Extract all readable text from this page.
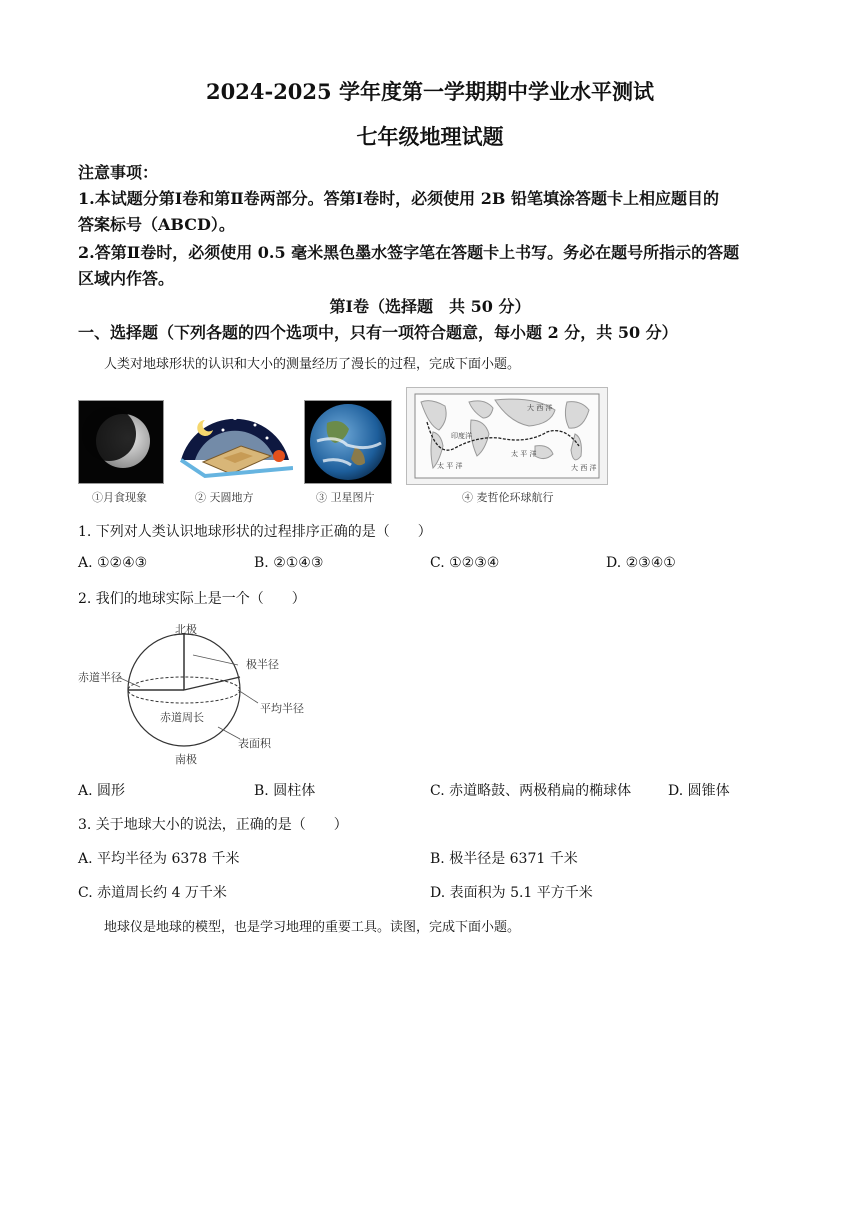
2024-2025 学年度第一学期期中学业水平测试
七年级地理试题
注意事项：
1.本试题分第Ⅰ卷和第Ⅱ卷两部分。答第Ⅰ卷时，必须使用 2B 铅笔填涂答题卡上相应题目的
答案标号（ABCD）。
2.答第Ⅱ卷时，必须使用 0.5 毫米黑色墨水签字笔在答题卡上书写。务必在题号所指示的答题
区域内作答。
第Ⅰ卷（选择题　共 50 分）
一、选择题（下列各题的四个选项中，只有一项符合题意，每小题 2 分，共 50 分）
人类对地球形状的认识和大小的测量经历了漫长的过程，完成下面小题。
①月食现象	② 天圆地方	③ 卫星图片
大 西 洋
印度洋
太 平 洋
太 平 洋	大 西 洋
④ 麦哲伦环球航行
1. 下列对人类认识地球形状的过程排序正确的是（　　）
A. ①②④③	B. ②①④③	C. ①②③④	D. ②③④①
2. 我们的地球实际上是一个（　　）
北极
南极
极半径
赤道半径
平均半径
赤道周长
表面积
A. 圆形	B. 圆柱体	C. 赤道略鼓、两极稍扁的椭球体	D. 圆锥体
3. 关于地球大小的说法，正确的是（　　）
A. 平均半径为 6378 千米	B. 极半径是 6371 千米
C. 赤道周长约 4 万千米	D. 表面积为 5.1 平方千米
地球仪是地球的模型，也是学习地理的重要工具。读图，完成下面小题。
